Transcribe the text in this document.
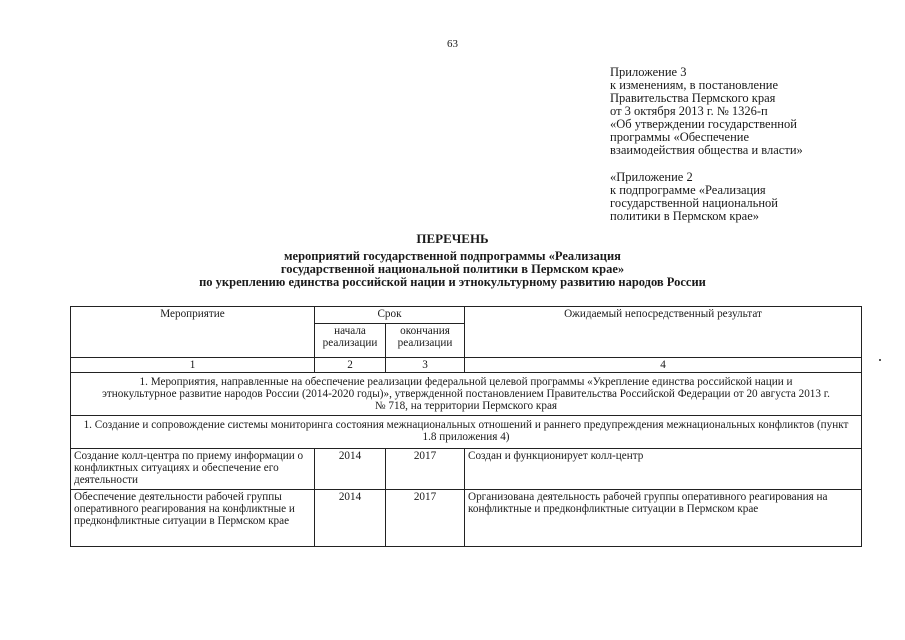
63
Приложение 3
к изменениям, в постановление
Правительства Пермского края
от 3 октября 2013 г. № 1326-п
«Об утверждении государственной
программы «Обеспечение
взаимодействия общества и власти»
«Приложение 2
к подпрограмме «Реализация
государственной национальной
политики в Пермском крае»
ПЕРЕЧЕНЬ
мероприятий государственной подпрограммы «Реализация
государственной национальной политики в Пермском крае»
по укреплению единства российской нации и этнокультурному развитию народов России
Мероприятие	Срок		Ожидаемый непосредственный результат
	начала реализации	окончания реализации	
1	2	3	4
1. Мероприятия, направленные на обеспечение реализации федеральной целевой программы «Укрепление единства российской нации и этнокультурное развитие народов России (2014-2020 годы)», утвержденной постановлением Правительства Российской Федерации от 20 августа 2013 г. № 718, на территории Пермского края			
1. Создание и сопровождение системы мониторинга состояния межнациональных отношений и раннего предупреждения межнациональных конфликтов (пункт 1.8 приложения 4)			
Создание колл-центра по приему информации о конфликтных ситуациях и обеспечение его деятельности	2014	2017	Создан и функционирует колл-центр
Обеспечение деятельности рабочей группы оперативного реагирования на конфликтные и предконфликтные ситуации в Пермском крае	2014	2017	Организована деятельность рабочей группы оперативного реагирования на конфликтные и предконфликтные ситуации в Пермском крае
